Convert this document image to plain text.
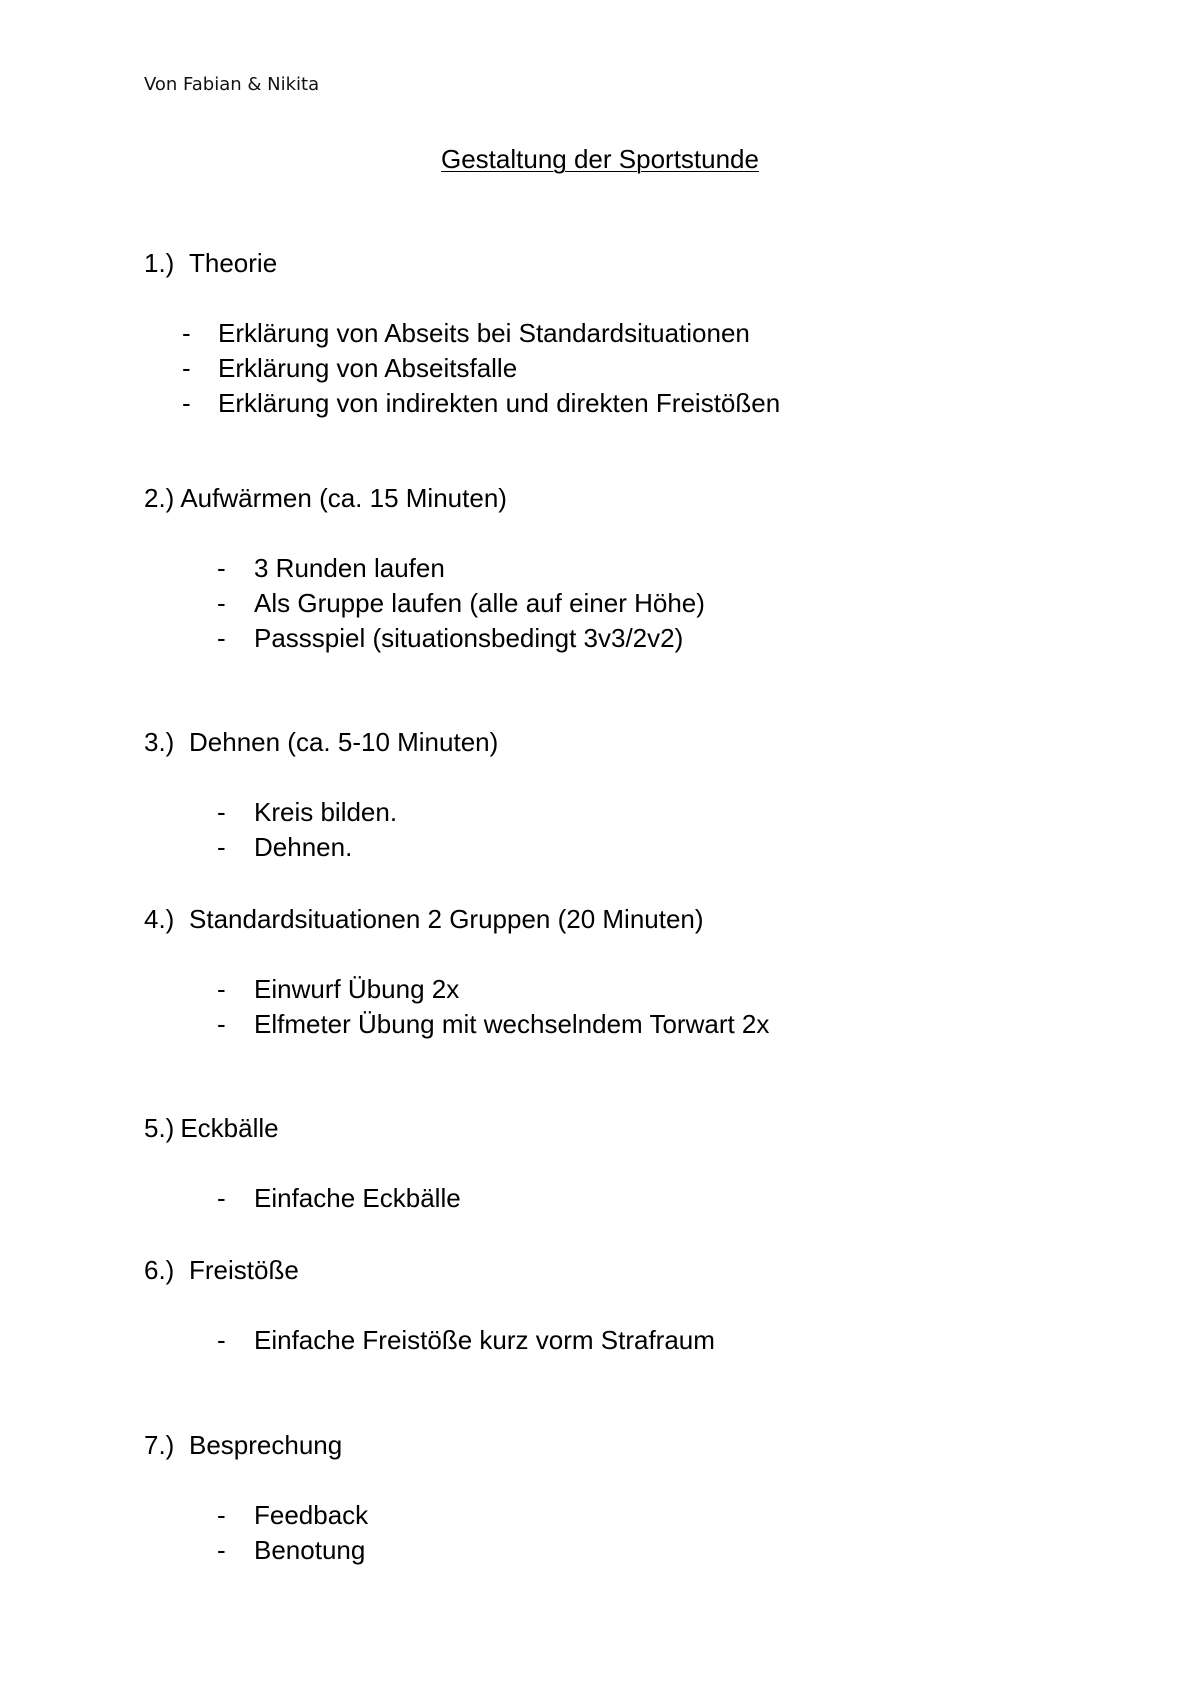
Von Fabian & Nikita
Gestaltung der Sportstunde
1.) Theorie
- Erklärung von Abseits bei Standardsituationen
- Erklärung von Abseitsfalle
- Erklärung von indirekten und direkten Freistößen
2.) Aufwärmen (ca. 15 Minuten)
- 3 Runden laufen
- Als Gruppe laufen (alle auf einer Höhe)
- Passspiel (situationsbedingt 3v3/2v2)
3.) Dehnen (ca. 5-10 Minuten)
- Kreis bilden.
- Dehnen.
4.) Standardsituationen 2 Gruppen (20 Minuten)
- Einwurf Übung 2x
- Elfmeter Übung mit wechselndem Torwart 2x
5.) Eckbälle
- Einfache Eckbälle
6.) Freistöße
- Einfache Freistöße kurz vorm Strafraum
7.) Besprechung
- Feedback
- Benotung
